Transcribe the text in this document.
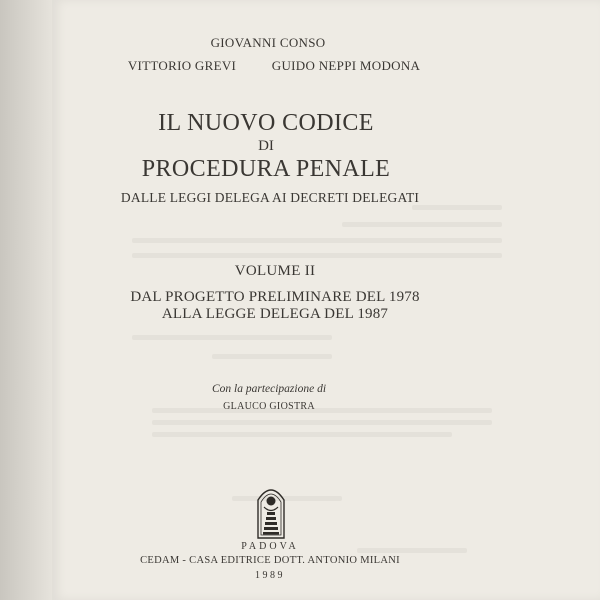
GIOVANNI CONSO
VITTORIO GREVI	GUIDO NEPPI MODONA
IL NUOVO CODICE
DI
PROCEDURA PENALE
DALLE LEGGI DELEGA AI DECRETI DELEGATI
VOLUME II
DAL PROGETTO PRELIMINARE DEL 1978
ALLA LEGGE DELEGA DEL 1987
Con la partecipazione di
GLAUCO GIOSTRA
PADOVA
CEDAM - CASA EDITRICE DOTT. ANTONIO MILANI
1989
